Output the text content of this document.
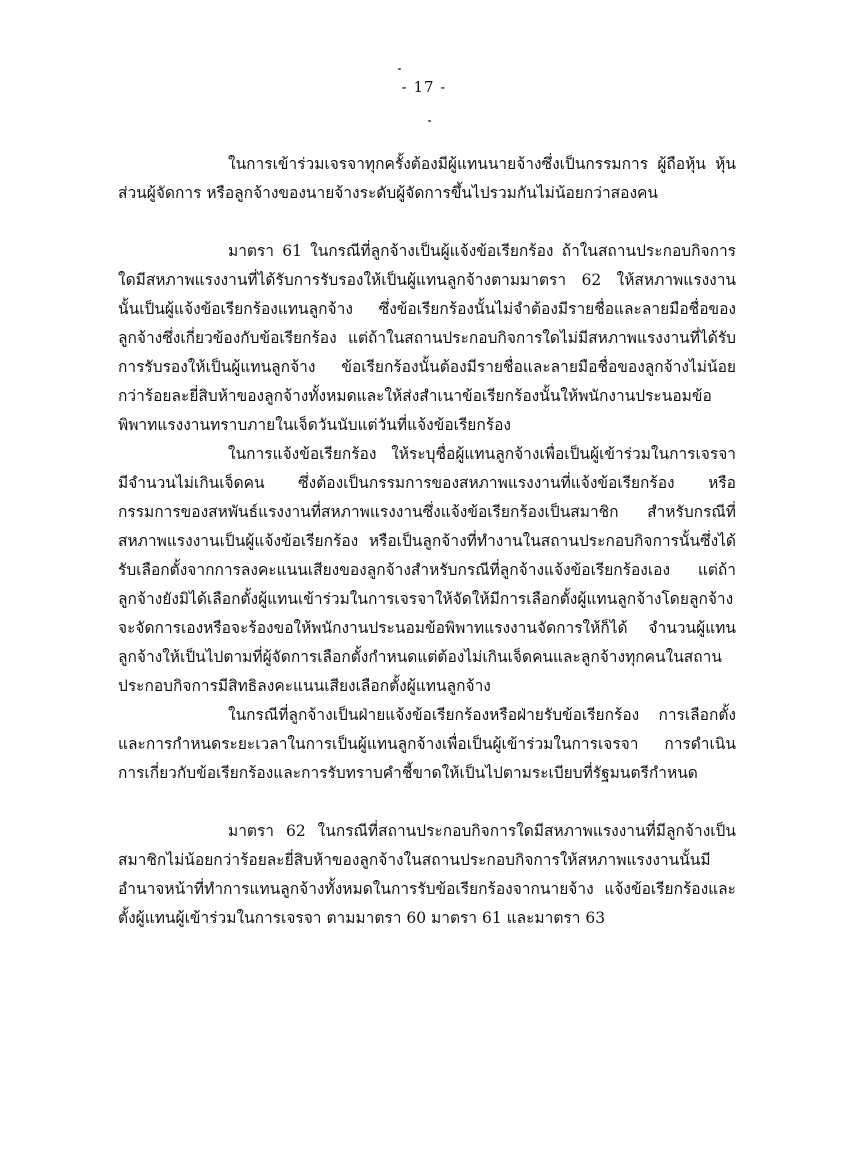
- 17 -

ในการเข้าร่วมเจรจาทุกครั้งต้องมีผู้แทนนายจ้างซึ่งเป็นกรรมการ ผู้ถือหุ้น หุ้นส่วนผู้จัดการ หรือลูกจ้างของนายจ้างระดับผู้จัดการขึ้นไปรวมกันไม่น้อยกว่าสองคน

มาตรา 61 ในกรณีที่ลูกจ้างเป็นผู้แจ้งข้อเรียกร้อง ถ้าในสถานประกอบกิจการใดมีสหภาพแรงงานที่ได้รับการรับรองให้เป็นผู้แทนลูกจ้างตามมาตรา 62 ให้สหภาพแรงงานนั้นเป็นผู้แจ้งข้อเรียกร้องแทนลูกจ้าง ซึ่งข้อเรียกร้องนั้นไม่จำต้องมีรายชื่อและลายมือชื่อของลูกจ้างซึ่งเกี่ยวข้องกับข้อเรียกร้อง แต่ถ้าในสถานประกอบกิจการใดไม่มีสหภาพแรงงานที่ได้รับการรับรองให้เป็นผู้แทนลูกจ้าง ข้อเรียกร้องนั้นต้องมีรายชื่อและลายมือชื่อของลูกจ้างไม่น้อยกว่าร้อยละยี่สิบห้าของลูกจ้างทั้งหมดและให้ส่งสำเนาข้อเรียกร้องนั้นให้พนักงานประนอมข้อพิพาทแรงงานทราบภายในเจ็ดวันนับแต่วันที่แจ้งข้อเรียกร้อง

ในการแจ้งข้อเรียกร้อง ให้ระบุชื่อผู้แทนลูกจ้างเพื่อเป็นผู้เข้าร่วมในการเจรจามีจำนวนไม่เกินเจ็ดคน ซึ่งต้องเป็นกรรมการของสหภาพแรงงานที่แจ้งข้อเรียกร้อง หรือกรรมการของสหพันธ์แรงงานที่สหภาพแรงงานซึ่งแจ้งข้อเรียกร้องเป็นสมาชิก สำหรับกรณีที่สหภาพแรงงานเป็นผู้แจ้งข้อเรียกร้อง หรือเป็นลูกจ้างที่ทำงานในสถานประกอบกิจการนั้นซึ่งได้รับเลือกตั้งจากการลงคะแนนเสียงของลูกจ้างสำหรับกรณีที่ลูกจ้างแจ้งข้อเรียกร้องเอง แต่ถ้าลูกจ้างยังมิได้เลือกตั้งผู้แทนเข้าร่วมในการเจรจาให้จัดให้มีการเลือกตั้งผู้แทนลูกจ้างโดยลูกจ้างจะจัดการเองหรือจะร้องขอให้พนักงานประนอมข้อพิพาทแรงงานจัดการให้ก็ได้ จำนวนผู้แทนลูกจ้างให้เป็นไปตามที่ผู้จัดการเลือกตั้งกำหนดแต่ต้องไม่เกินเจ็ดคนและลูกจ้างทุกคนในสถานประกอบกิจการมีสิทธิลงคะแนนเสียงเลือกตั้งผู้แทนลูกจ้าง

ในกรณีที่ลูกจ้างเป็นฝ่ายแจ้งข้อเรียกร้องหรือฝ่ายรับข้อเรียกร้อง การเลือกตั้งและการกำหนดระยะเวลาในการเป็นผู้แทนลูกจ้างเพื่อเป็นผู้เข้าร่วมในการเจรจา การดำเนินการเกี่ยวกับข้อเรียกร้องและการรับทราบคำชี้ขาดให้เป็นไปตามระเบียบที่รัฐมนตรีกำหนด

มาตรา 62 ในกรณีที่สถานประกอบกิจการใดมีสหภาพแรงงานที่มีลูกจ้างเป็นสมาชิกไม่น้อยกว่าร้อยละยี่สิบห้าของลูกจ้างในสถานประกอบกิจการให้สหภาพแรงงานนั้นมีอำนาจหน้าที่ทำการแทนลูกจ้างทั้งหมดในการรับข้อเรียกร้องจากนายจ้าง แจ้งข้อเรียกร้องและตั้งผู้แทนผู้เข้าร่วมในการเจรจา ตามมาตรา 60 มาตรา 61 และมาตรา 63
